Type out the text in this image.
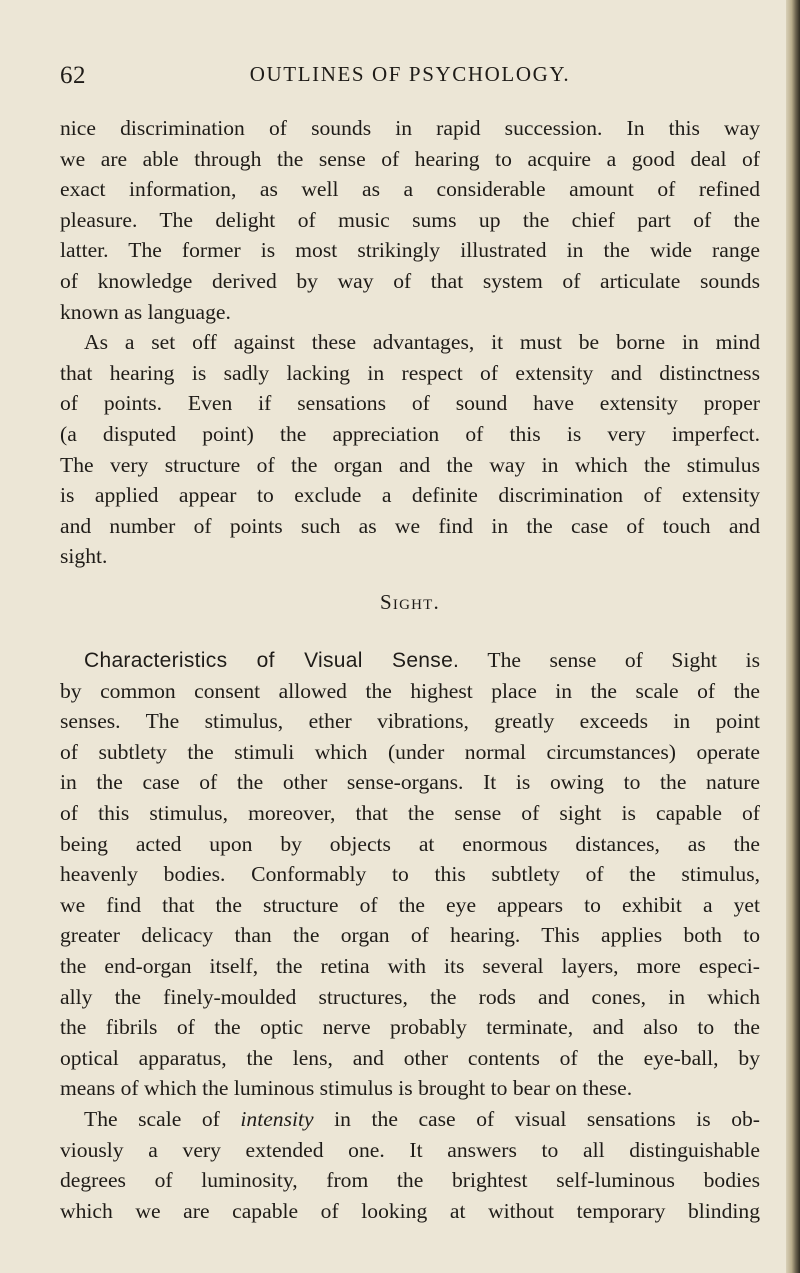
OUTLINES OF PSYCHOLOGY.
62
nice discrimination of sounds in rapid succession. In this way
we are able through the sense of hearing to acquire a good deal of
exact information, as well as a considerable amount of refined
pleasure. The delight of music sums up the chief part of the
latter. The former is most strikingly illustrated in the wide range
of knowledge derived by way of that system of articulate sounds
known as language.
As a set off against these advantages, it must be borne in mind
that hearing is sadly lacking in respect of extensity and distinctness
of points. Even if sensations of sound have extensity proper
(a disputed point) the appreciation of this is very imperfect.
The very structure of the organ and the way in which the stimulus
is applied appear to exclude a definite discrimination of extensity
and number of points such as we find in the case of touch and
sight.
Sight.
Characteristics of Visual Sense. The sense of Sight is
by common consent allowed the highest place in the scale of the
senses. The stimulus, ether vibrations, greatly exceeds in point
of subtlety the stimuli which (under normal circumstances) operate
in the case of the other sense-organs. It is owing to the nature
of this stimulus, moreover, that the sense of sight is capable of
being acted upon by objects at enormous distances, as the
heavenly bodies. Conformably to this subtlety of the stimulus,
we find that the structure of the eye appears to exhibit a yet
greater delicacy than the organ of hearing. This applies both to
the end-organ itself, the retina with its several layers, more especi-
ally the finely-moulded structures, the rods and cones, in which
the fibrils of the optic nerve probably terminate, and also to the
optical apparatus, the lens, and other contents of the eye-ball, by
means of which the luminous stimulus is brought to bear on these.
The scale of intensity in the case of visual sensations is ob-
viously a very extended one. It answers to all distinguishable
degrees of luminosity, from the brightest self-luminous bodies
which we are capable of looking at without temporary blinding
